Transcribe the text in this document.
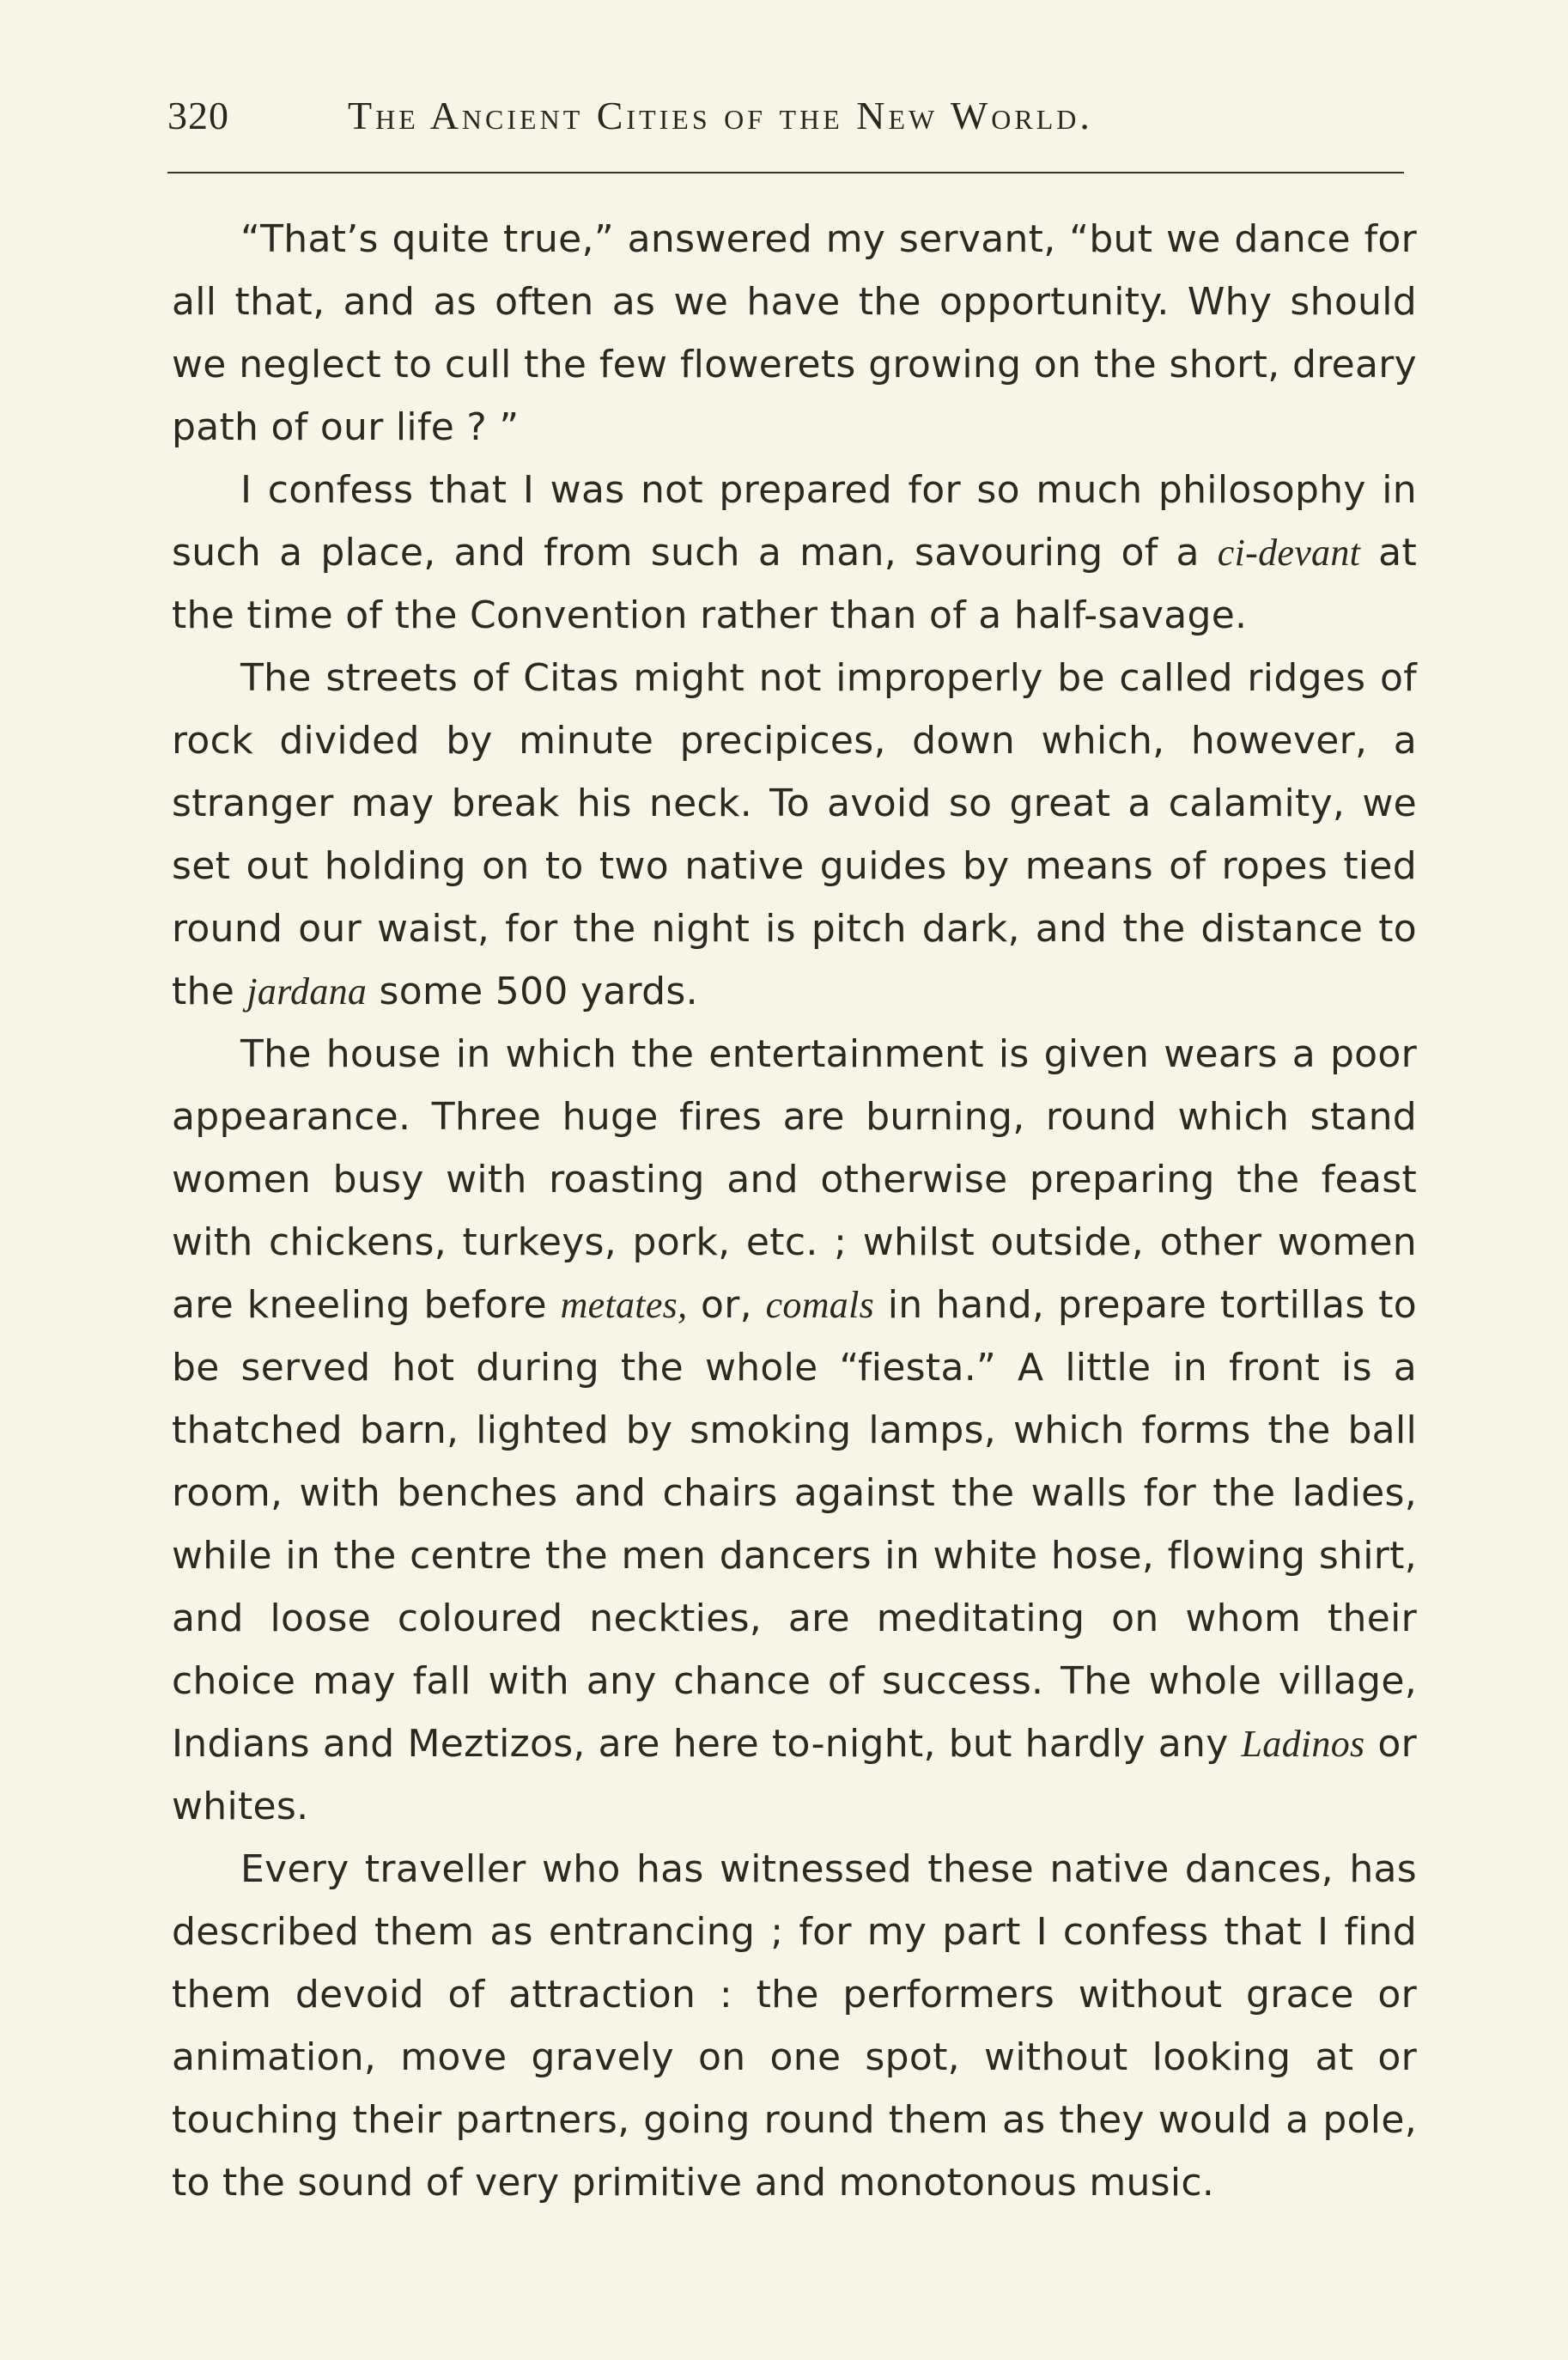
320	The Ancient Cities of the New World.

“That’s quite true,” answered my servant, “but we dance for all that, and as often as we have the opportunity. Why should we neglect to cull the few flowerets growing on the short, dreary path of our life ? ”

I confess that I was not prepared for so much philosophy in such a place, and from such a man, savouring of a ci-devant at the time of the Convention rather than of a half-savage.

The streets of Citas might not improperly be called ridges of rock divided by minute precipices, down which, however, a stranger may break his neck. To avoid so great a calamity, we set out holding on to two native guides by means of ropes tied round our waist, for the night is pitch dark, and the distance to the jardana some 500 yards.

The house in which the entertainment is given wears a poor appearance. Three huge fires are burning, round which stand women busy with roasting and otherwise preparing the feast with chickens, turkeys, pork, etc. ; whilst outside, other women are kneeling before metates, or, comals in hand, prepare tortillas to be served hot during the whole “fiesta.” A little in front is a thatched barn, lighted by smoking lamps, which forms the ball room, with benches and chairs against the walls for the ladies, while in the centre the men dancers in white hose, flowing shirt, and loose coloured neckties, are meditating on whom their choice may fall with any chance of success. The whole village, Indians and Meztizos, are here to-night, but hardly any Ladinos or whites.

Every traveller who has witnessed these native dances, has described them as entrancing ; for my part I confess that I find them devoid of attraction : the performers without grace or animation, move gravely on one spot, without looking at or touching their partners, going round them as they would a pole, to the sound of very primitive and monotonous music.
